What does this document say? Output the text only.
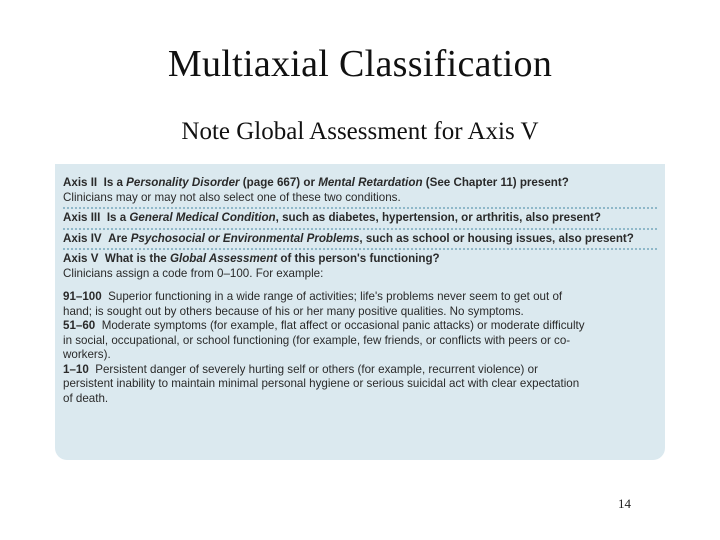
Multiaxial Classification
Note Global Assessment for Axis V
Axis II Is a Personality Disorder (page 667) or Mental Retardation (See Chapter 11) present?
Clinicians may or may not also select one of these two conditions.
Axis III Is a General Medical Condition, such as diabetes, hypertension, or arthritis, also present?
Axis IV Are Psychosocial or Environmental Problems, such as school or housing issues, also present?
Axis V What is the Global Assessment of this person's functioning?
Clinicians assign a code from 0–100. For example:
91–100 Superior functioning in a wide range of activities; life's problems never seem to get out of
hand; is sought out by others because of his or her many positive qualities. No symptoms.
51–60 Moderate symptoms (for example, flat affect or occasional panic attacks) or moderate difficulty
in social, occupational, or school functioning (for example, few friends, or conflicts with peers or co-
workers).
1–10 Persistent danger of severely hurting self or others (for example, recurrent violence) or
persistent inability to maintain minimal personal hygiene or serious suicidal act with clear expectation
of death.
14
